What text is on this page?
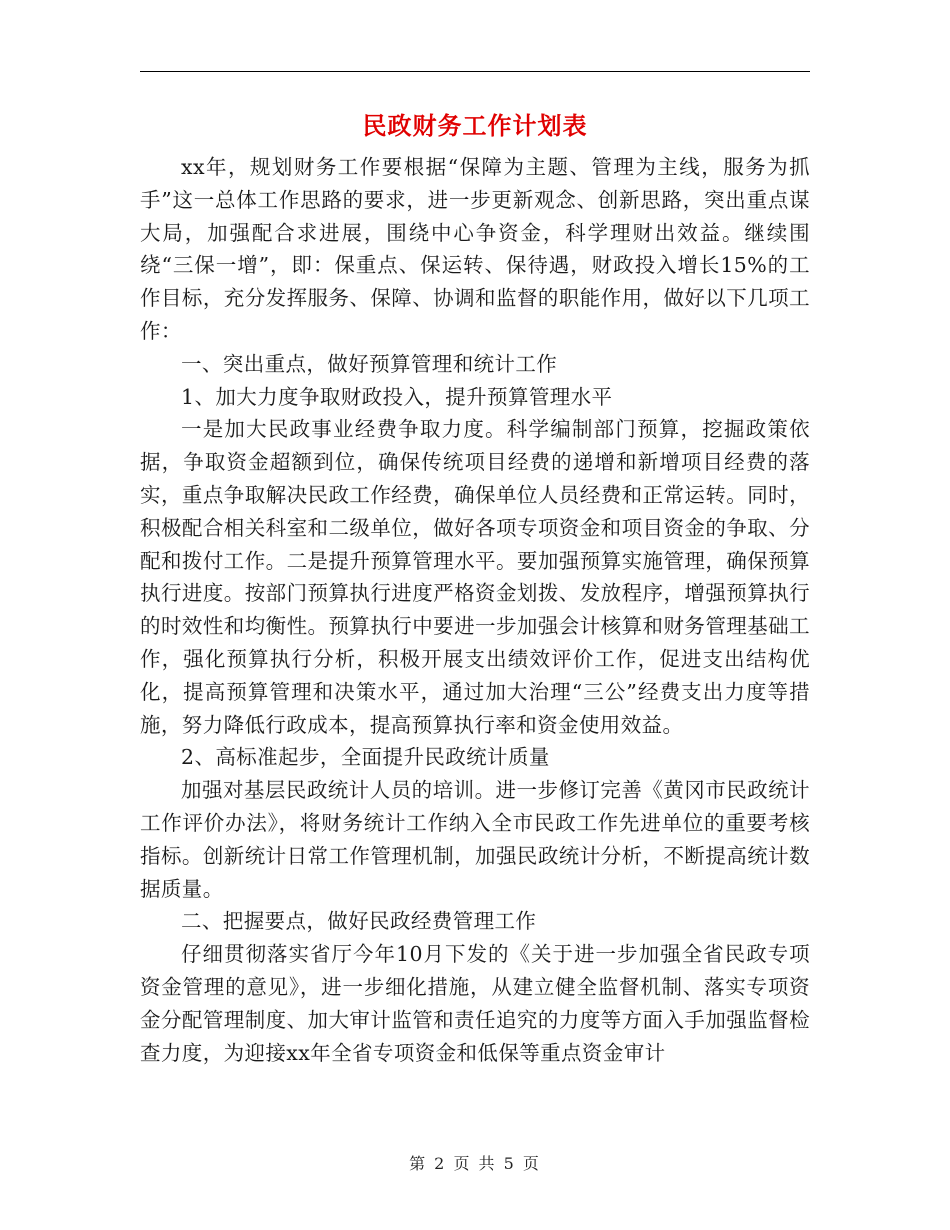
民政财务工作计划表

xx年，规划财务工作要根据“保障为主题、管理为主线，服务为抓手”这一总体工作思路的要求，进一步更新观念、创新思路，突出重点谋大局，加强配合求进展，围绕中心争资金，科学理财出效益。继续围绕“三保一增”，即：保重点、保运转、保待遇，财政投入增长15%的工作目标，充分发挥服务、保障、协调和监督的职能作用，做好以下几项工作：

一、突出重点，做好预算管理和统计工作

1、加大力度争取财政投入，提升预算管理水平

一是加大民政事业经费争取力度。科学编制部门预算，挖掘政策依据，争取资金超额到位，确保传统项目经费的递增和新增项目经费的落实，重点争取解决民政工作经费，确保单位人员经费和正常运转。同时，积极配合相关科室和二级单位，做好各项专项资金和项目资金的争取、分配和拨付工作。二是提升预算管理水平。要加强预算实施管理，确保预算执行进度。按部门预算执行进度严格资金划拨、发放程序，增强预算执行的时效性和均衡性。预算执行中要进一步加强会计核算和财务管理基础工作，强化预算执行分析，积极开展支出绩效评价工作，促进支出结构优化，提高预算管理和决策水平，通过加大治理“三公”经费支出力度等措施，努力降低行政成本，提高预算执行率和资金使用效益。

2、高标准起步，全面提升民政统计质量

加强对基层民政统计人员的培训。进一步修订完善《黄冈市民政统计工作评价办法》，将财务统计工作纳入全市民政工作先进单位的重要考核指标。创新统计日常工作管理机制，加强民政统计分析，不断提高统计数据质量。

二、把握要点，做好民政经费管理工作

仔细贯彻落实省厅今年10月下发的《关于进一步加强全省民政专项资金管理的意见》，进一步细化措施，从建立健全监督机制、落实专项资金分配管理制度、加大审计监管和责任追究的力度等方面入手加强监督检查力度，为迎接xx年全省专项资金和低保等重点资金审计

第 2 页 共 5 页
